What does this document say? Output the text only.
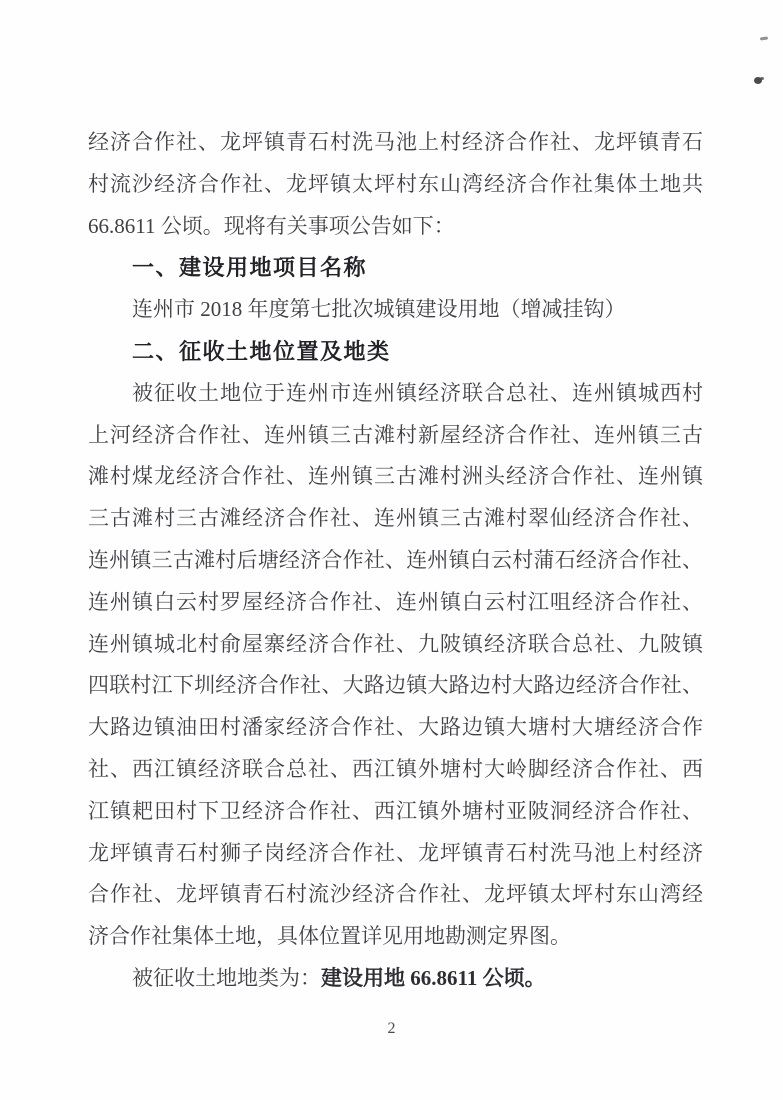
经济合作社、龙坪镇青石村洗马池上村经济合作社、龙坪镇青石
村流沙经济合作社、龙坪镇太坪村东山湾经济合作社集体土地共
66.8611 公顷。现将有关事项公告如下：
一、建设用地项目名称
连州市 2018 年度第七批次城镇建设用地（增减挂钩）
二、征收土地位置及地类
被征收土地位于连州市连州镇经济联合总社、连州镇城西村
上河经济合作社、连州镇三古滩村新屋经济合作社、连州镇三古
滩村煤龙经济合作社、连州镇三古滩村洲头经济合作社、连州镇
三古滩村三古滩经济合作社、连州镇三古滩村翠仙经济合作社、
连州镇三古滩村后塘经济合作社、连州镇白云村蒲石经济合作社、
连州镇白云村罗屋经济合作社、连州镇白云村江咀经济合作社、
连州镇城北村俞屋寨经济合作社、九陂镇经济联合总社、九陂镇
四联村江下圳经济合作社、大路边镇大路边村大路边经济合作社、
大路边镇油田村潘家经济合作社、大路边镇大塘村大塘经济合作
社、西江镇经济联合总社、西江镇外塘村大岭脚经济合作社、西
江镇耙田村下卫经济合作社、西江镇外塘村亚陂洞经济合作社、
龙坪镇青石村狮子岗经济合作社、龙坪镇青石村洗马池上村经济
合作社、龙坪镇青石村流沙经济合作社、龙坪镇太坪村东山湾经
济合作社集体土地，具体位置详见用地勘测定界图。
被征收土地地类为：建设用地 66.8611 公顷。
2
